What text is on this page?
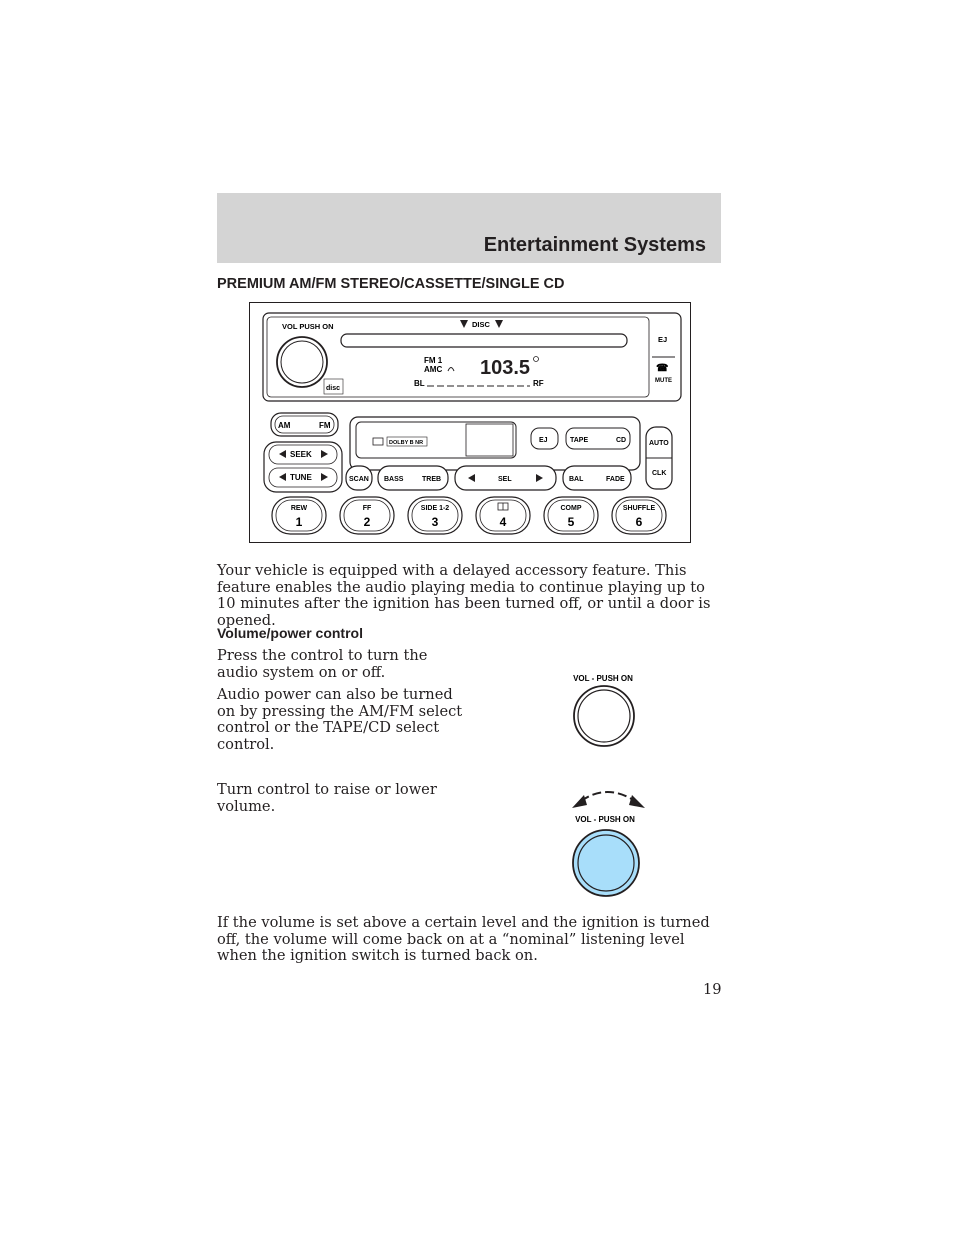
Entertainment Systems
PREMIUM AM/FM STEREO/CASSETTE/SINGLE CD
VOL PUSH ON
disc
DISC
FM 1
AMC 103.5
BL	RF
EJ
☎
MUTE
AM	FM
SEEK
TUNE
DOLBY B NR	EJ	TAPE	CD	AUTO
CLK
SCAN BASS	TREB	SEL	BAL	FADE
REW
1
FF
2
SIDE 1-2
3	4
COMP
5
SHUFFLE
6

Your vehicle is equipped with a delayed accessory feature. This feature enables the audio playing media to continue playing up to 10 minutes after the ignition has been turned off, or until a door is opened.

Volume/power control

Press the control to turn the audio system on or off.

Audio power can also be turned on by pressing the AM/FM select control or the TAPE/CD select control.

Turn control to raise or lower volume.

VOL - PUSH ON
VOL - PUSH ON

If the volume is set above a certain level and the ignition is turned off, the volume will come back on at a “nominal” listening level when the ignition switch is turned back on.

19
